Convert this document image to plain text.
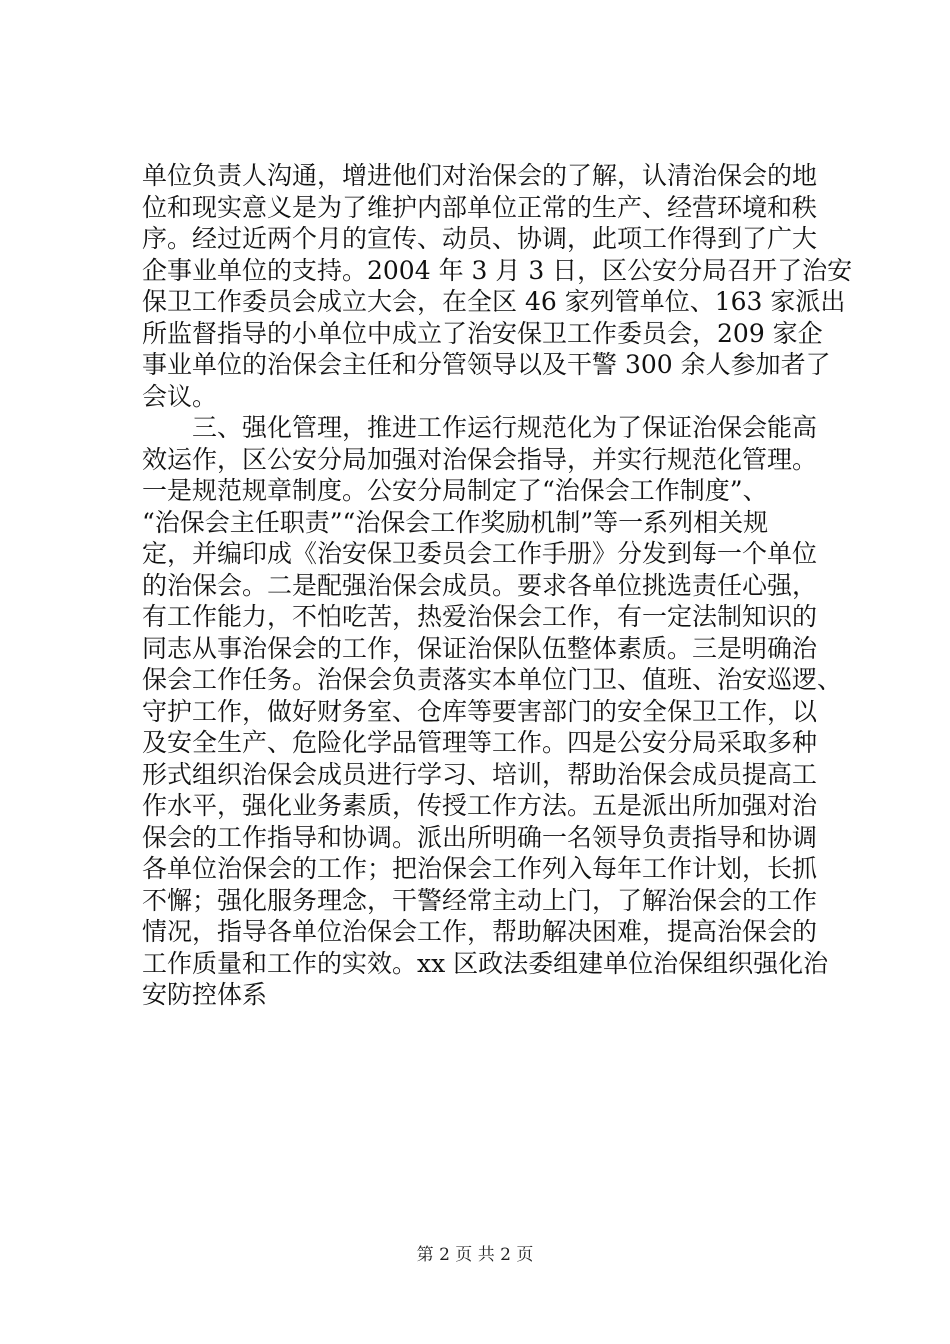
单位负责人沟通，增进他们对治保会的了解，认清治保会的地
位和现实意义是为了维护内部单位正常的生产、经营环境和秩
序。经过近两个月的宣传、动员、协调，此项工作得到了广大
企事业单位的支持。2004 年 3 月 3 日，区公安分局召开了治安
保卫工作委员会成立大会，在全区 46 家列管单位、163 家派出
所监督指导的小单位中成立了治安保卫工作委员会，209 家企
事业单位的治保会主任和分管领导以及干警 300 余人参加者了
会议。
　　三、强化管理，推进工作运行规范化为了保证治保会能高
效运作，区公安分局加强对治保会指导，并实行规范化管理。
一是规范规章制度。公安分局制定了“治保会工作制度”、
“治保会主任职责”“治保会工作奖励机制”等一系列相关规
定，并编印成《治安保卫委员会工作手册》分发到每一个单位
的治保会。二是配强治保会成员。要求各单位挑选责任心强，
有工作能力，不怕吃苦，热爱治保会工作，有一定法制知识的
同志从事治保会的工作，保证治保队伍整体素质。三是明确治
保会工作任务。治保会负责落实本单位门卫、值班、治安巡逻、
守护工作，做好财务室、仓库等要害部门的安全保卫工作，以
及安全生产、危险化学品管理等工作。四是公安分局采取多种
形式组织治保会成员进行学习、培训，帮助治保会成员提高工
作水平，强化业务素质，传授工作方法。五是派出所加强对治
保会的工作指导和协调。派出所明确一名领导负责指导和协调
各单位治保会的工作；把治保会工作列入每年工作计划，长抓
不懈；强化服务理念，干警经常主动上门，了解治保会的工作
情况，指导各单位治保会工作，帮助解决困难，提高治保会的
工作质量和工作的实效。xx 区政法委组建单位治保组织强化治
安防控体系
第 2 页 共 2 页
